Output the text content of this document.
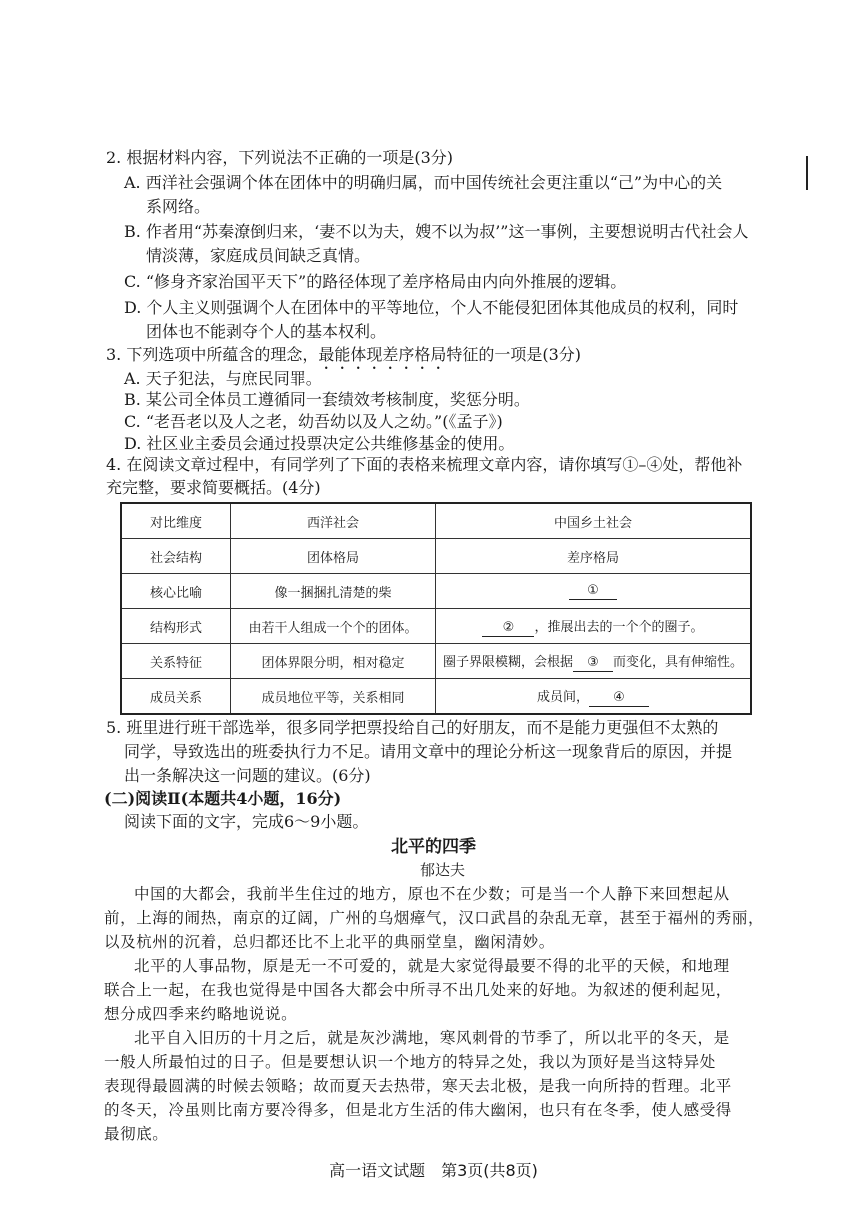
2. 根据材料内容，下列说法不正确的一项是(3分)
A. 西洋社会强调个体在团体中的明确归属，而中国传统社会更注重以“己”为中心的关
系网络。
B. 作者用“苏秦潦倒归来，‘妻不以为夫，嫂不以为叔’”这一事例，主要想说明古代社会人
情淡薄，家庭成员间缺乏真情。
C. “修身齐家治国平天下”的路径体现了差序格局由内向外推展的逻辑。
D. 个人主义则强调个人在团体中的平等地位，个人不能侵犯团体其他成员的权利，同时
团体也不能剥夺个人的基本权利。
3. 下列选项中所蕴含的理念，最能体现差序格局特征的一项是(3分)
A. 天子犯法，与庶民同罪。
B. 某公司全体员工遵循同一套绩效考核制度，奖惩分明。
C. “老吾老以及人之老，幼吾幼以及人之幼。”(《孟子》)
D. 社区业主委员会通过投票决定公共维修基金的使用。
4. 在阅读文章过程中，有同学列了下面的表格来梳理文章内容，请你填写①–④处，帮他补
充完整，要求简要概括。(4分)
对比维度	西洋社会	中国乡土社会
社会结构	团体格局	差序格局
核心比喻	像一捆捆扎清楚的柴	①
结构形式	由若干人组成一个个的团体。	② ，推展出去的一个个的圈子。
关系特征	团体界限分明，相对稳定	圈子界限模糊，会根据 ③ 而变化，具有伸缩性。
成员关系	成员地位平等，关系相同	成员间， ④
5. 班里进行班干部选举，很多同学把票投给自己的好朋友，而不是能力更强但不太熟的
同学，导致选出的班委执行力不足。请用文章中的理论分析这一现象背后的原因，并提
出一条解决这一问题的建议。(6分)
(二)阅读Ⅱ(本题共4小题，16分)
阅读下面的文字，完成6～9小题。
北平的四季
郁达夫
中国的大都会，我前半生住过的地方，原也不在少数；可是当一个人静下来回想起从
前，上海的闹热，南京的辽阔，广州的乌烟瘴气，汉口武昌的杂乱无章，甚至于福州的秀丽，
以及杭州的沉着，总归都还比不上北平的典丽堂皇，幽闲清妙。
北平的人事品物，原是无一不可爱的，就是大家觉得最要不得的北平的天候，和地理
联合上一起，在我也觉得是中国各大都会中所寻不出几处来的好地。为叙述的便利起见，
想分成四季来约略地说说。
北平自入旧历的十月之后，就是灰沙满地，寒风刺骨的节季了，所以北平的冬天，是
一般人所最怕过的日子。但是要想认识一个地方的特异之处，我以为顶好是当这特异处
表现得最圆满的时候去领略；故而夏天去热带，寒天去北极，是我一向所持的哲理。北平
的冬天，冷虽则比南方要冷得多，但是北方生活的伟大幽闲，也只有在冬季，使人感受得
最彻底。
高一语文试题　第3页(共8页)
